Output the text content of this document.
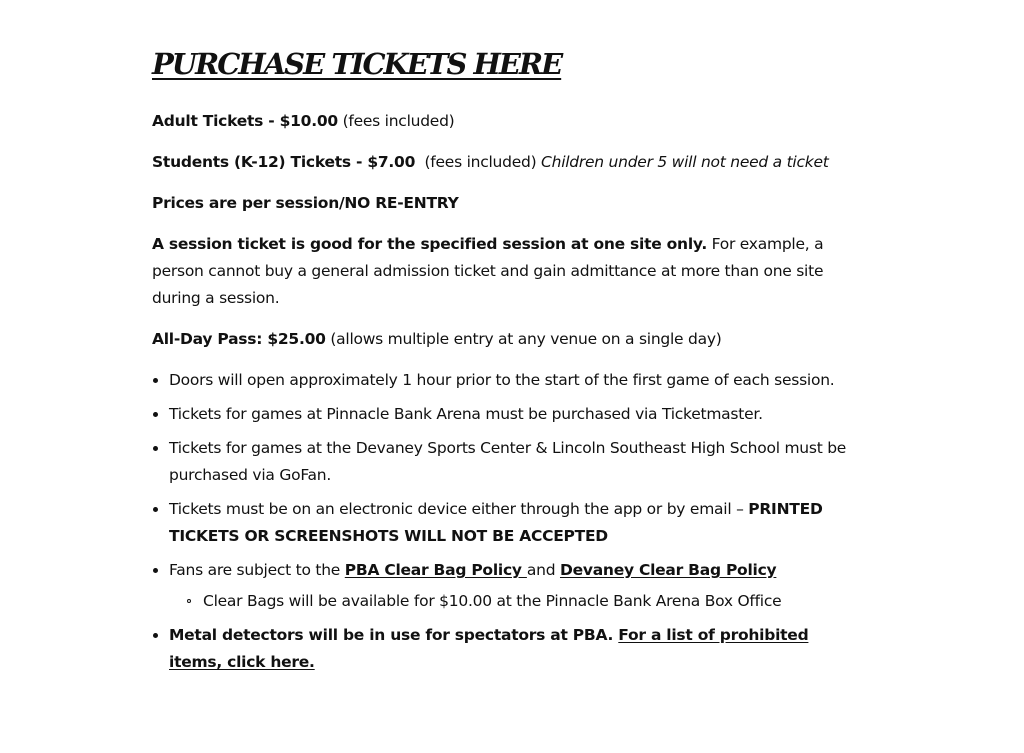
PURCHASE TICKETS HERE

Adult Tickets - $10.00 (fees included)

Students (K-12) Tickets - $7.00  (fees included) Children under 5 will not need a ticket

Prices are per session/NO RE-ENTRY

A session ticket is good for the specified session at one site only. For example, a person cannot buy a general admission ticket and gain admittance at more than one site during a session.

All-Day Pass: $25.00 (allows multiple entry at any venue on a single day)

Doors will open approximately 1 hour prior to the start of the first game of each session.
Tickets for games at Pinnacle Bank Arena must be purchased via Ticketmaster.
Tickets for games at the Devaney Sports Center & Lincoln Southeast High School must be purchased via GoFan.
Tickets must be on an electronic device either through the app or by email – PRINTED TICKETS OR SCREENSHOTS WILL NOT BE ACCEPTED
Fans are subject to the PBA Clear Bag Policy and Devaney Clear Bag Policy
Clear Bags will be available for $10.00 at the Pinnacle Bank Arena Box Office
Metal detectors will be in use for spectators at PBA. For a list of prohibited items, click here.
